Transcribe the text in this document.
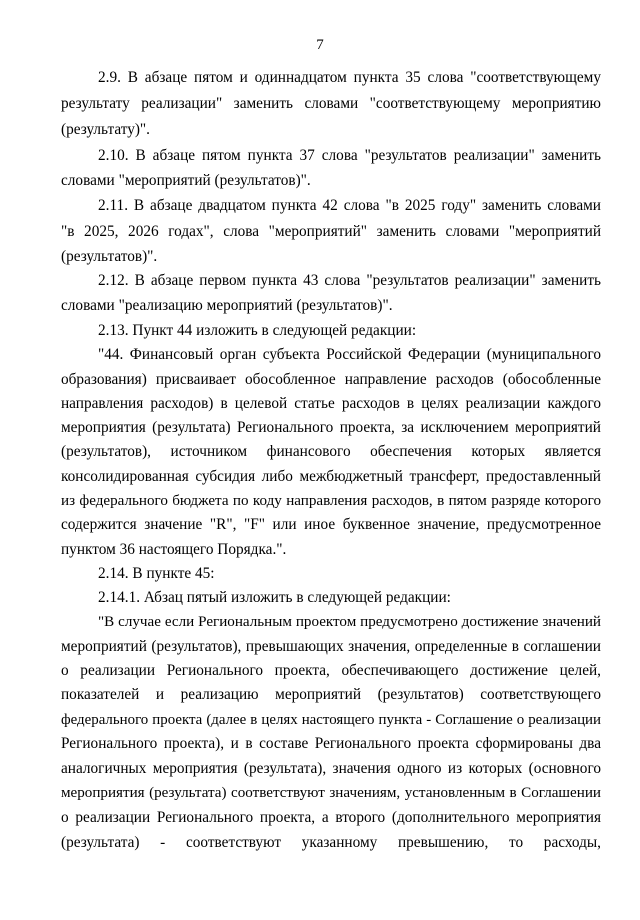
7
2.9. В абзаце пятом и одиннадцатом пункта 35 слова "соответствующему
результату реализации" заменить словами "соответствующему мероприятию
(результату)".
2.10. В абзаце пятом пункта 37 слова "результатов реализации" заменить
словами "мероприятий (результатов)".
2.11. В абзаце двадцатом пункта 42 слова "в 2025 году" заменить словами
"в 2025, 2026 годах", слова "мероприятий" заменить словами "мероприятий
(результатов)".
2.12. В абзаце первом пункта 43 слова "результатов реализации" заменить
словами "реализацию мероприятий (результатов)".
2.13. Пункт 44 изложить в следующей редакции:
"44. Финансовый орган субъекта Российской Федерации (муниципального
образования) присваивает обособленное направление расходов (обособленные
направления расходов) в целевой статье расходов в целях реализации каждого
мероприятия (результата) Регионального проекта, за исключением мероприятий
(результатов), источником финансового обеспечения которых является
консолидированная субсидия либо межбюджетный трансферт, предоставленный
из федерального бюджета по коду направления расходов, в пятом разряде которого
содержится значение "R", "F" или иное буквенное значение, предусмотренное
пунктом 36 настоящего Порядка.".
2.14. В пункте 45:
2.14.1. Абзац пятый изложить в следующей редакции:
"В случае если Региональным проектом предусмотрено достижение значений
мероприятий (результатов), превышающих значения, определенные в соглашении
о реализации Регионального проекта, обеспечивающего достижение целей,
показателей и реализацию мероприятий (результатов) соответствующего
федерального проекта (далее в целях настоящего пункта - Соглашение о реализации
Регионального проекта), и в составе Регионального проекта сформированы два
аналогичных мероприятия (результата), значения одного из которых (основного
мероприятия (результата) соответствуют значениям, установленным в Соглашении
о реализации Регионального проекта, а второго (дополнительного мероприятия
(результата) - соответствуют указанному превышению, то расходы,
